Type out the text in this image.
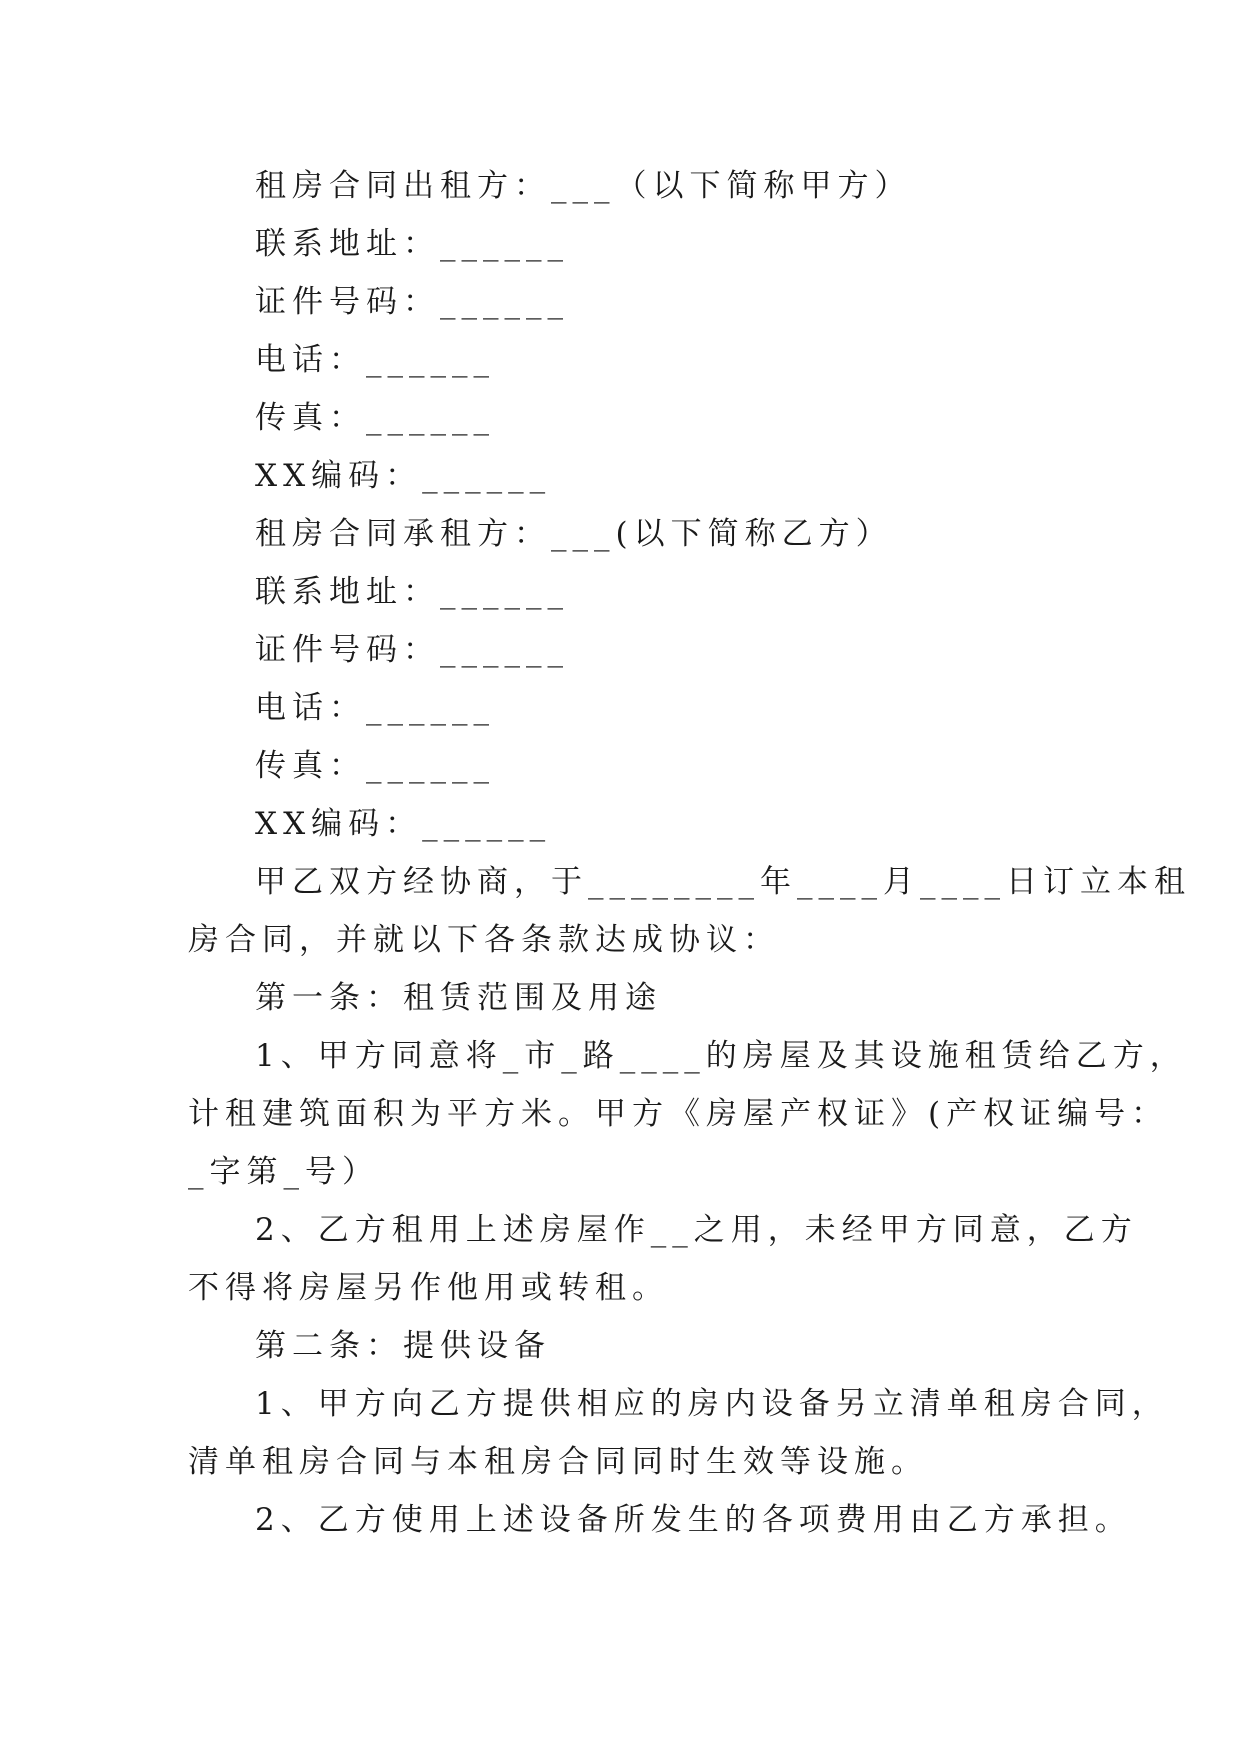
租房合同出租方：___（以下简称甲方）
联系地址：______
证件号码：______
电话：______
传真：______
XX编码：______
租房合同承租方：___(以下简称乙方）
联系地址：______
证件号码：______
电话：______
传真：______
XX编码：______
甲乙双方经协商，于________年____月____日订立本租
房合同，并就以下各条款达成协议：
第一条：租赁范围及用途
1、甲方同意将_市_路____的房屋及其设施租赁给乙方，
计租建筑面积为平方米。甲方《房屋产权证》(产权证编号：
_字第_号）
2、乙方租用上述房屋作__之用，未经甲方同意，乙方
不得将房屋另作他用或转租。
第二条：提供设备
1、甲方向乙方提供相应的房内设备另立清单租房合同，
清单租房合同与本租房合同同时生效等设施。
2、乙方使用上述设备所发生的各项费用由乙方承担。
